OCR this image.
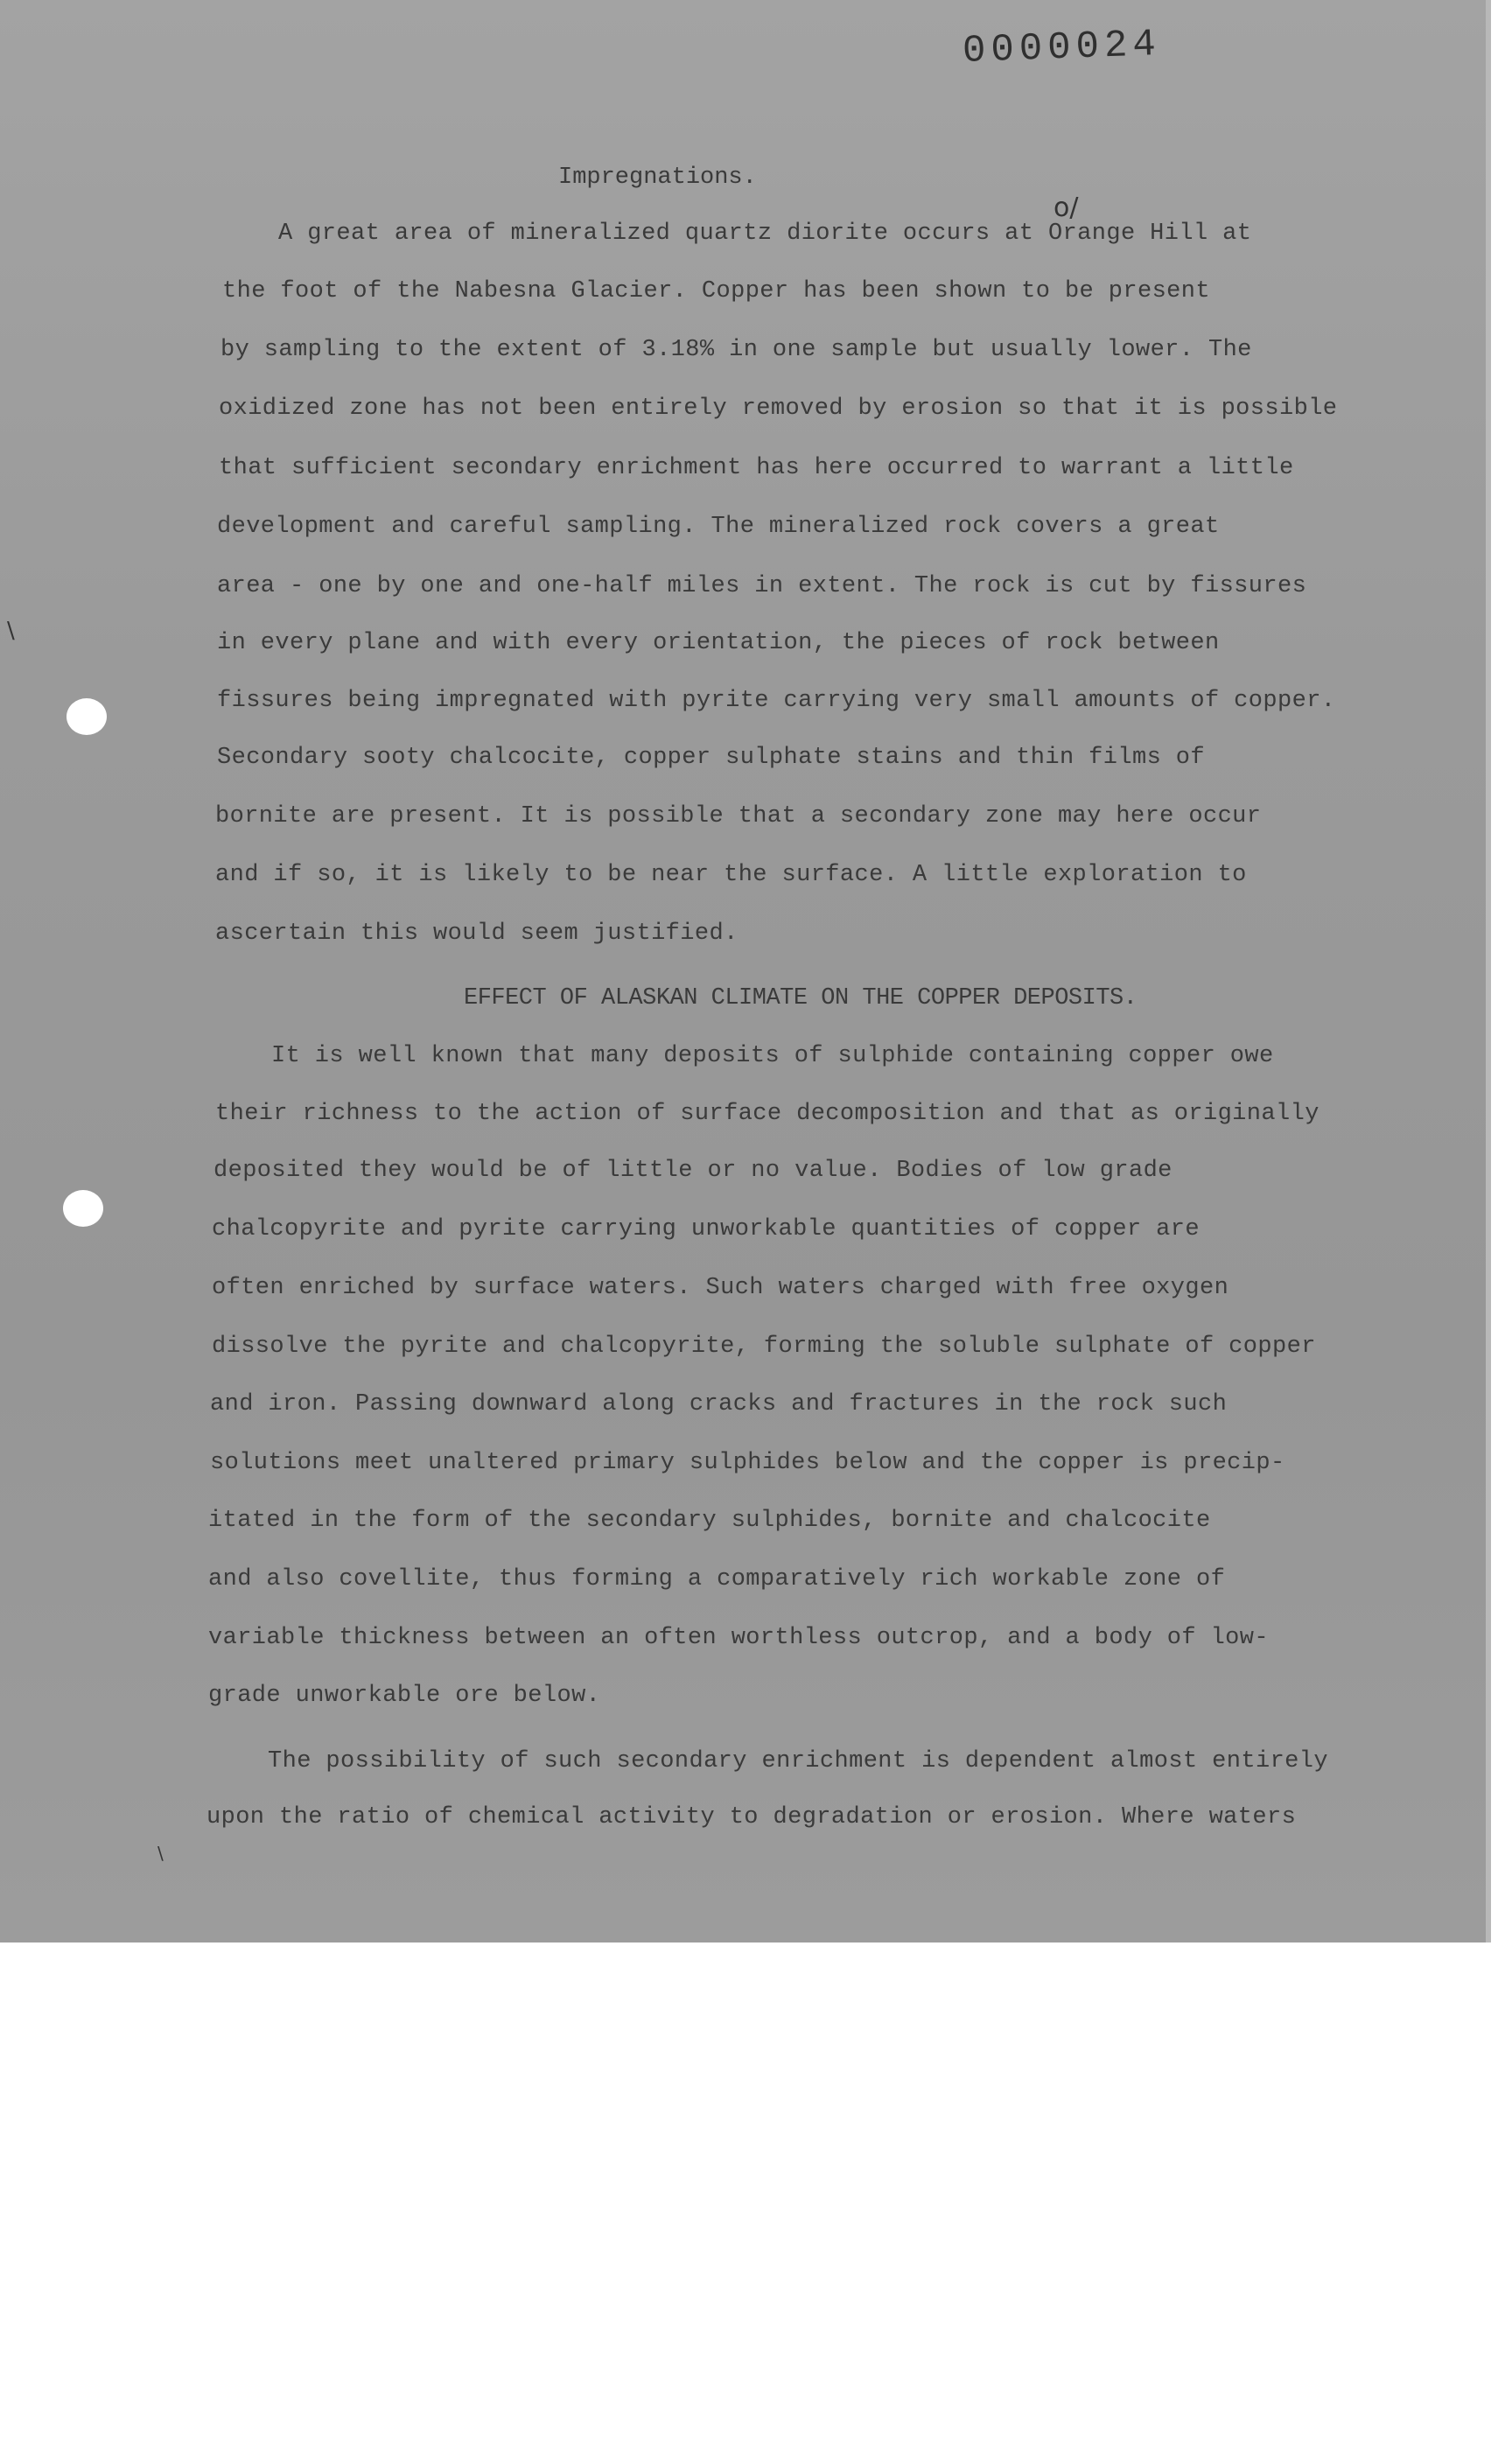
0000024
\
\
o/
Impregnations.
A great area of mineralized quartz diorite occurs at Orange Hill at
the foot of the Nabesna Glacier. Copper has been shown to be present
by sampling to the extent of 3.18% in one sample but usually lower. The
oxidized zone has not been entirely removed by erosion so that it is possible
that sufficient secondary enrichment has here occurred to warrant a little
development and careful sampling. The mineralized rock covers a great
area - one by one and one-half miles in extent. The rock is cut by fissures
in every plane and with every orientation, the pieces of rock between
fissures being impregnated with pyrite carrying very small amounts of copper.
Secondary sooty chalcocite, copper sulphate stains and thin films of
bornite are present. It is possible that a secondary zone may here occur
and if so, it is likely to be near the surface. A little exploration to
ascertain this would seem justified.
EFFECT OF ALASKAN CLIMATE ON THE COPPER DEPOSITS.
It is well known that many deposits of sulphide containing copper owe
their richness to the action of surface decomposition and that as originally
deposited they would be of little or no value. Bodies of low grade
chalcopyrite and pyrite carrying unworkable quantities of copper are
often enriched by surface waters. Such waters charged with free oxygen
dissolve the pyrite and chalcopyrite, forming the soluble sulphate of copper
and iron. Passing downward along cracks and fractures in the rock such
solutions meet unaltered primary sulphides below and the copper is precip-
itated in the form of the secondary sulphides, bornite and chalcocite
and also covellite, thus forming a comparatively rich workable zone of
variable thickness between an often worthless outcrop, and a body of low-
grade unworkable ore below.
The possibility of such secondary enrichment is dependent almost entirely
upon the ratio of chemical activity to degradation or erosion. Where waters
